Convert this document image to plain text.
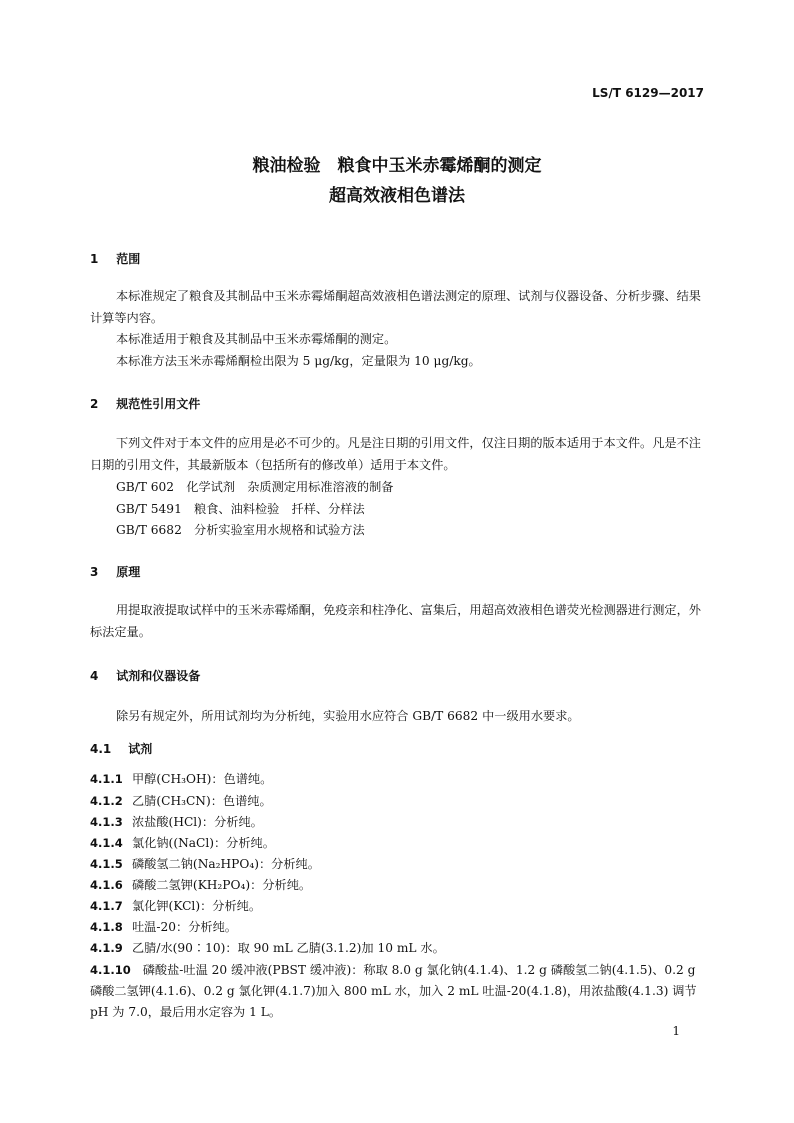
LS/T 6129—2017
粮油检验　粮食中玉米赤霉烯酮的测定
超高效液相色谱法
1 范围
本标准规定了粮食及其制品中玉米赤霉烯酮超高效液相色谱法测定的原理、试剂与仪器设备、分析步骤、结果计算等内容。
本标准适用于粮食及其制品中玉米赤霉烯酮的测定。
本标准方法玉米赤霉烯酮检出限为 5 μg/kg，定量限为 10 μg/kg。
2 规范性引用文件
下列文件对于本文件的应用是必不可少的。凡是注日期的引用文件，仅注日期的版本适用于本文件。凡是不注日期的引用文件，其最新版本（包括所有的修改单）适用于本文件。
GB/T 602　化学试剂　杂质测定用标准溶液的制备
GB/T 5491　粮食、油料检验　扦样、分样法
GB/T 6682　分析实验室用水规格和试验方法
3 原理
用提取液提取试样中的玉米赤霉烯酮，免疫亲和柱净化、富集后，用超高效液相色谱荧光检测器进行测定，外标法定量。
4 试剂和仪器设备
除另有规定外，所用试剂均为分析纯，实验用水应符合 GB/T 6682 中一级用水要求。
4.1 试剂
4.1.1 甲醇(CH₃OH)：色谱纯。
4.1.2 乙腈(CH₃CN)：色谱纯。
4.1.3 浓盐酸(HCl)：分析纯。
4.1.4 氯化钠((NaCl)：分析纯。
4.1.5 磷酸氢二钠(Na₂HPO₄)：分析纯。
4.1.6 磷酸二氢钾(KH₂PO₄)：分析纯。
4.1.7 氯化钾(KCl)：分析纯。
4.1.8 吐温-20：分析纯。
4.1.9 乙腈/水(90∶10)：取 90 mL 乙腈(3.1.2)加 10 mL 水。
4.1.10 磷酸盐-吐温 20 缓冲液(PBST 缓冲液)：称取 8.0 g 氯化钠(4.1.4)、1.2 g 磷酸氢二钠(4.1.5)、0.2 g 磷酸二氢钾(4.1.6)、0.2 g 氯化钾(4.1.7)加入 800 mL 水，加入 2 mL 吐温-20(4.1.8)，用浓盐酸(4.1.3) 调节 pH 为 7.0，最后用水定容为 1 L。
1
